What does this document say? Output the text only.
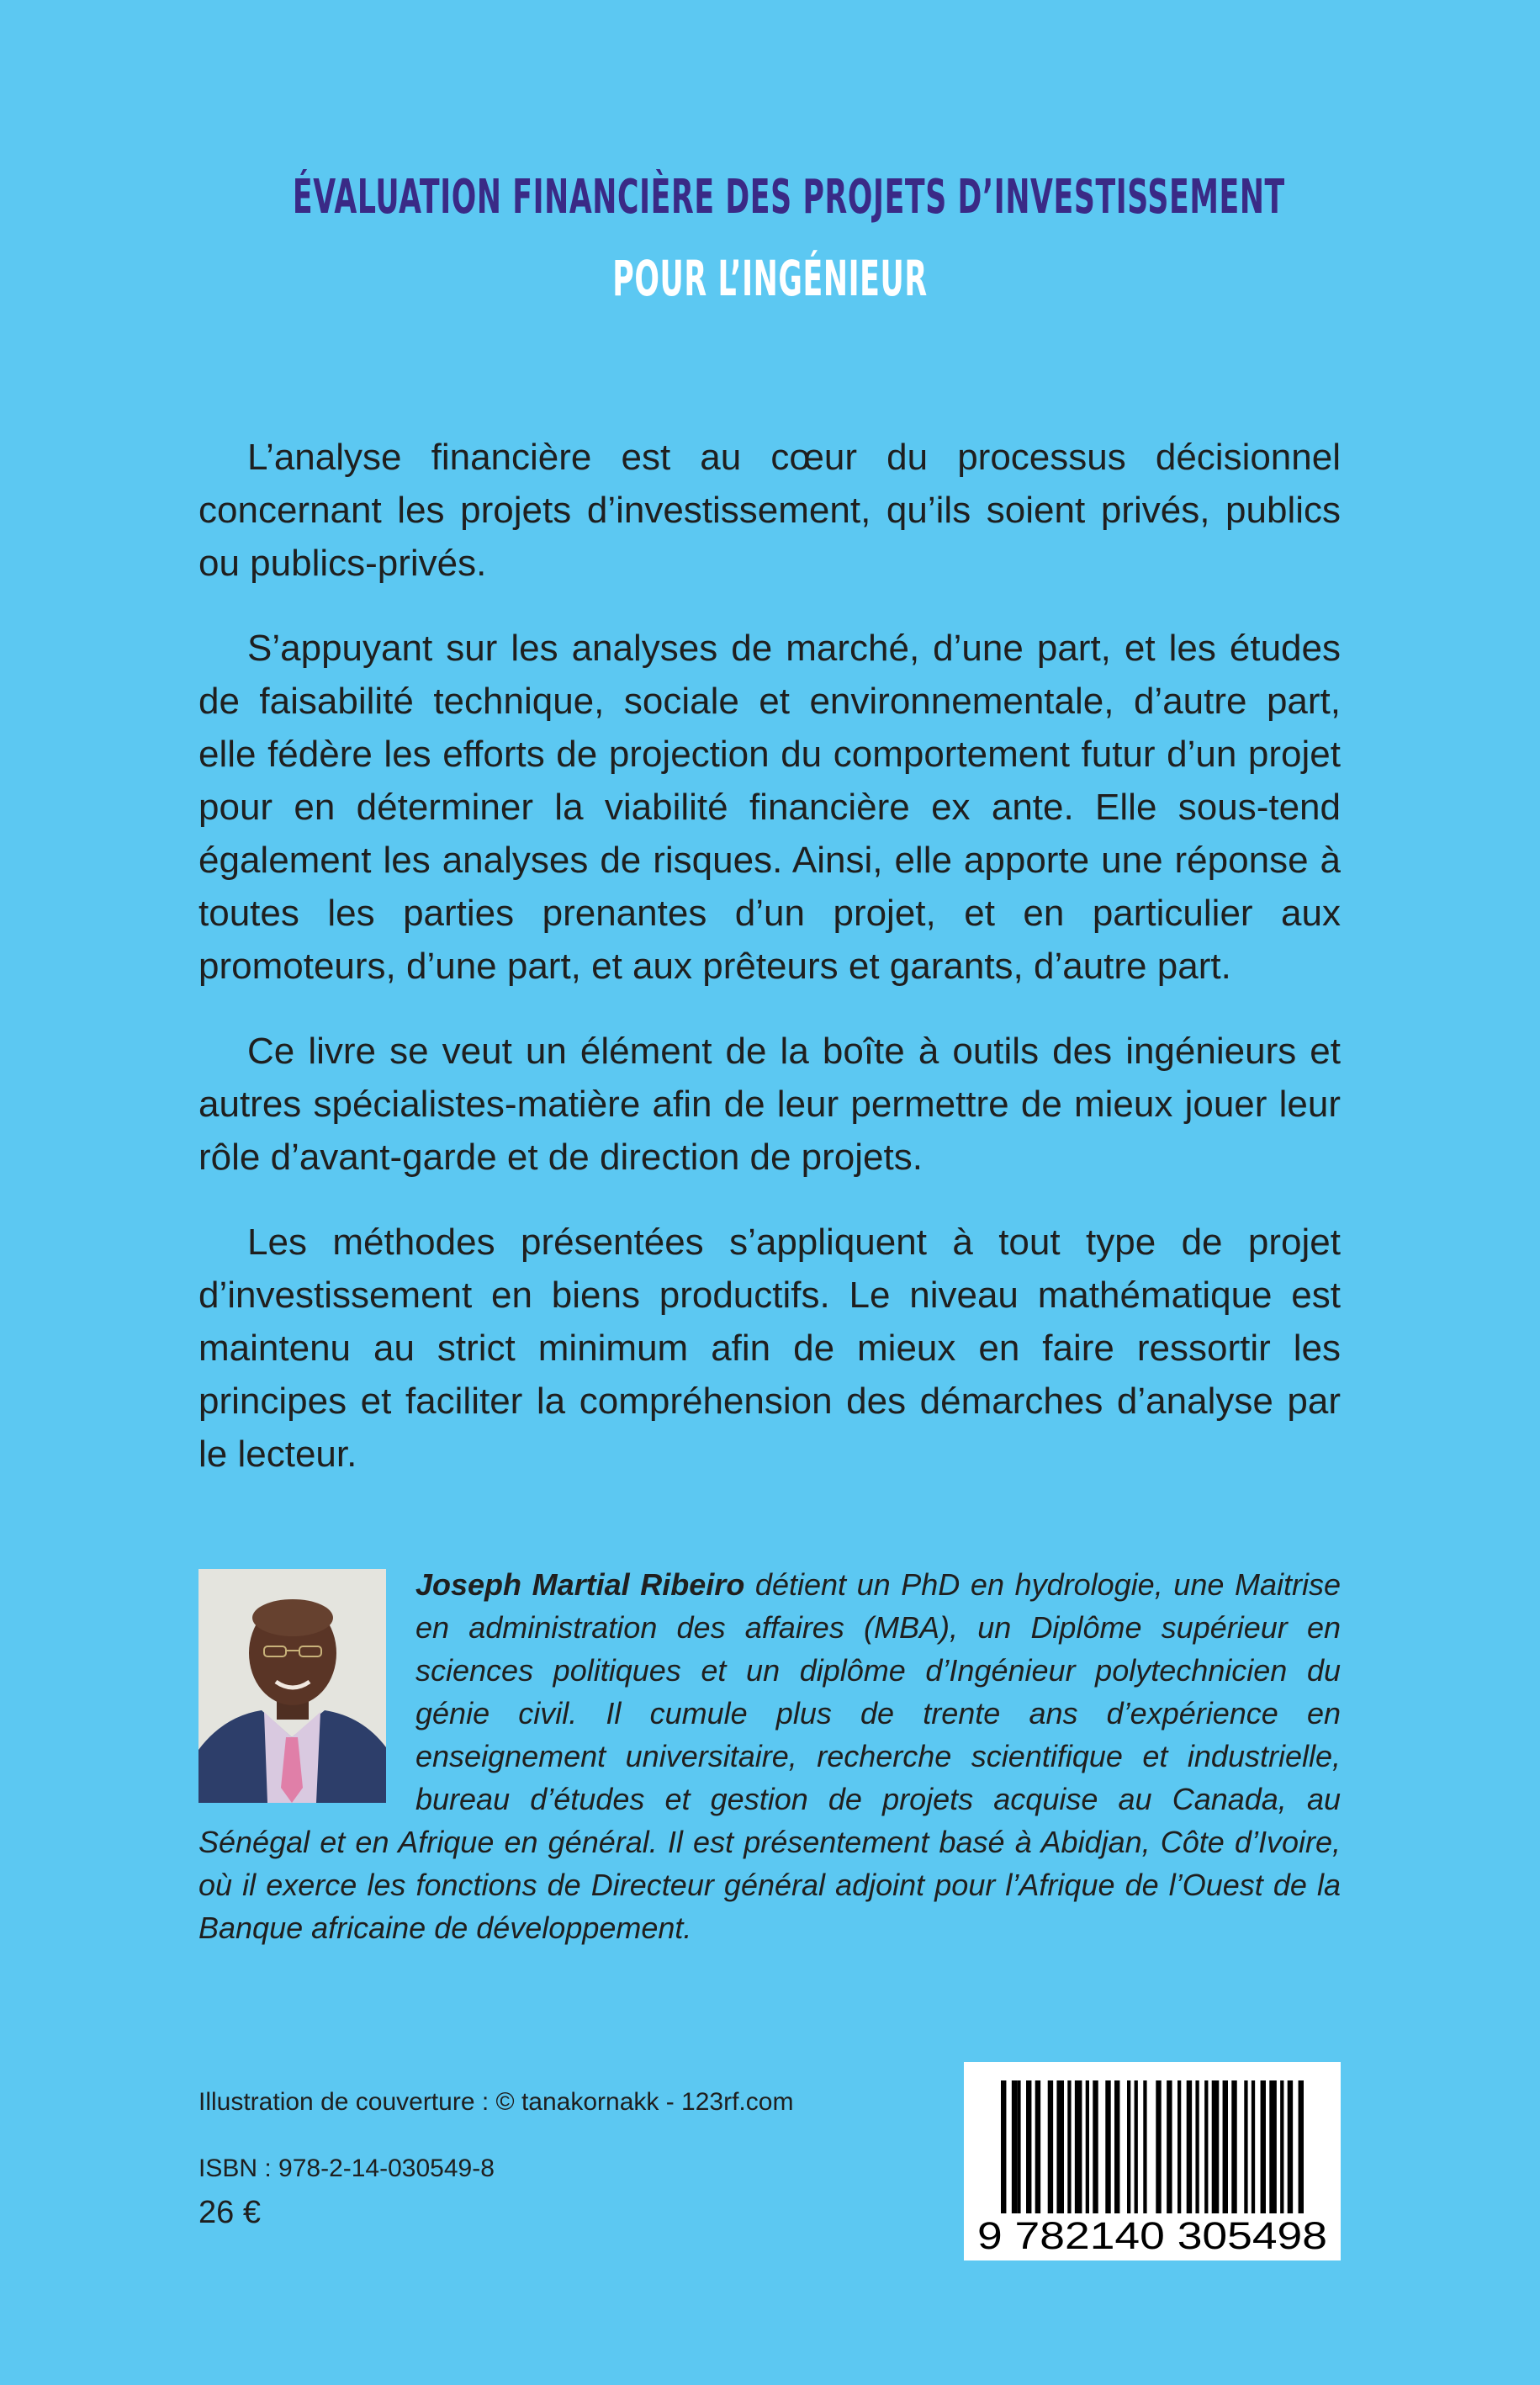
ÉVALUATION FINANCIÈRE DES PROJETS D’INVESTISSEMENT
POUR L’INGÉNIEUR

L’analyse financière est au cœur du processus décisionnel concernant les projets d’investissement, qu’ils soient privés, publics ou publics-privés.

S’appuyant sur les analyses de marché, d’une part, et les études de faisabilité technique, sociale et environnementale, d’autre part, elle fédère les efforts de projection du comportement futur d’un projet pour en déterminer la viabilité financière ex ante. Elle sous-tend également les analyses de risques. Ainsi, elle apporte une réponse à toutes les parties prenantes d’un projet, et en particulier aux promoteurs, d’une part, et aux prêteurs et garants, d’autre part.

Ce livre se veut un élément de la boîte à outils des ingénieurs et autres spécialistes-matière afin de leur permettre de mieux jouer leur rôle d’avant-garde et de direction de projets.

Les méthodes présentées s’appliquent à tout type de projet d’investissement en biens productifs. Le niveau mathématique est maintenu au strict minimum afin de mieux en faire ressortir les principes et faciliter la compréhension des démarches d’analyse par le lecteur.

Joseph Martial Ribeiro détient un PhD en hydrologie, une Maitrise en administration des affaires (MBA), un Diplôme supérieur en sciences politiques et un diplôme d’Ingénieur polytechnicien du génie civil. Il cumule plus de trente ans d’expérience en enseignement universitaire, recherche scientifique et industrielle, bureau d’études et gestion de projets acquise au Canada, au Sénégal et en Afrique en général. Il est présentement basé à Abidjan, Côte d’Ivoire, où il exerce les fonctions de Directeur général adjoint pour l’Afrique de l’Ouest de la Banque africaine de développement.
Illustration de couverture : © tanakornakk - 123rf.com
ISBN : 978-2-14-030549-8
26 €
9 782140 305498
